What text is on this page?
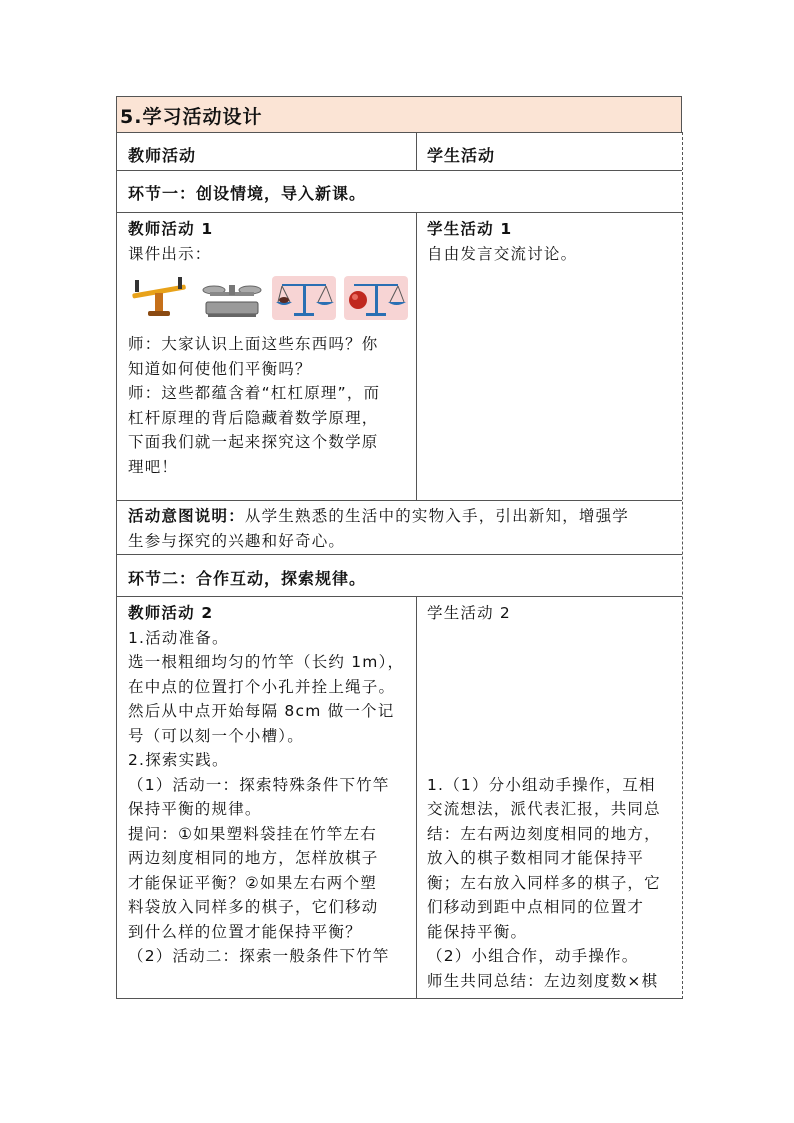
5.学习活动设计
教师活动	学生活动
环节一：创设情境，导入新课。

教师活动 1

课件出示：

师：大家认识上面这些东西吗？你

知道如何使他们平衡吗？

师：这些都蕴含着“杠杠原理”，而

杠杆原理的背后隐藏着数学原理，

下面我们就一起来探究这个数学原

理吧！

学生活动 1

自由发言交流讨论。

活动意图说明：从学生熟悉的生活中的实物入手，引出新知，增强学

生参与探究的兴趣和好奇心。

环节二：合作互动，探索规律。

教师活动 2

1.活动准备。

选一根粗细均匀的竹竿（长约 1m），

在中点的位置打个小孔并拴上绳子。

然后从中点开始每隔 8cm 做一个记

号（可以刻一个小槽）。

2.探索实践。

（1）活动一：探索特殊条件下竹竿

保持平衡的规律。

提问：①如果塑料袋挂在竹竿左右

两边刻度相同的地方，怎样放棋子

才能保证平衡？②如果左右两个塑

料袋放入同样多的棋子，它们移动

到什么样的位置才能保持平衡？

（2）活动二：探索一般条件下竹竿

学生活动 2

1.（1）分小组动手操作，互相

交流想法，派代表汇报，共同总

结：左右两边刻度相同的地方，

放入的棋子数相同才能保持平

衡；左右放入同样多的棋子，它

们移动到距中点相同的位置才

能保持平衡。

（2）小组合作，动手操作。

师生共同总结：左边刻度数×棋
